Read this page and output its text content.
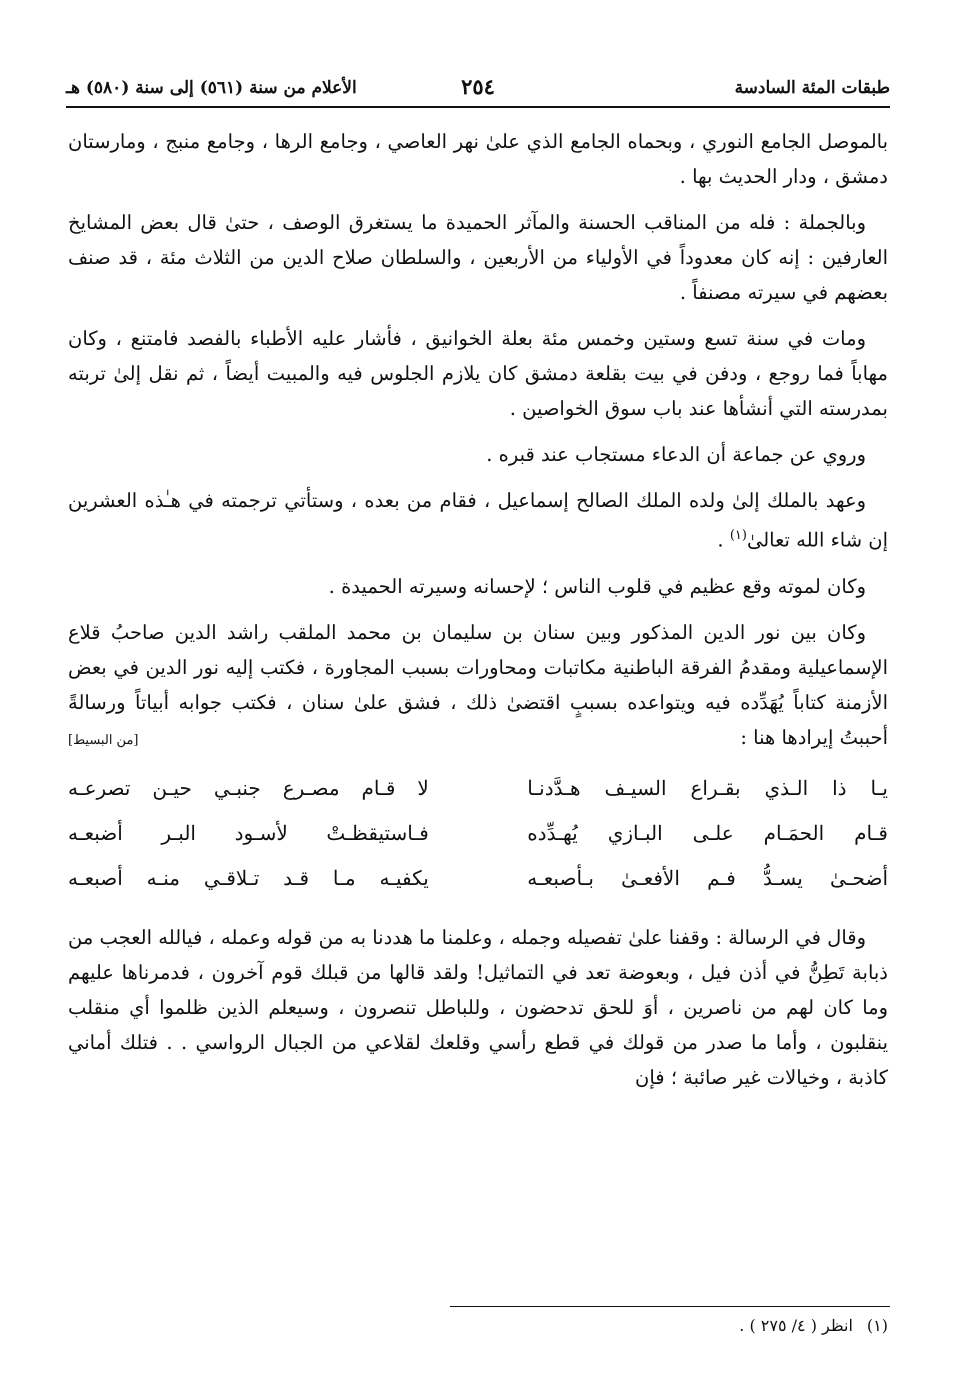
طبقات المئة السادسة
٢٥٤
الأعلام من سنة (٥٦١) إلى سنة (٥٨٠) هـ

بالموصل الجامع النوري ، وبحماه الجامع الذي علىٰ نهر العاصي ، وجامع الرها ، وجامع منبج ، ومارستان دمشق ، ودار الحديث بها .

وبالجملة : فله من المناقب الحسنة والمآثر الحميدة ما يستغرق الوصف ، حتىٰ قال بعض المشايخ العارفين : إنه كان معدوداً في الأولياء من الأربعين ، والسلطان صلاح الدين من الثلاث مئة ، قد صنف بعضهم في سيرته مصنفاً .

ومات في سنة تسع وستين وخمس مئة بعلة الخوانيق ، فأشار عليه الأطباء بالفصد فامتنع ، وكان مهاباً فما روجع ، ودفن في بيت بقلعة دمشق كان يلازم الجلوس فيه والمبيت أيضاً ، ثم نقل إلىٰ تربته بمدرسته التي أنشأها عند باب سوق الخواصين .

وروي عن جماعة أن الدعاء مستجاب عند قبره .

وعهد بالملك إلىٰ ولده الملك الصالح إسماعيل ، فقام من بعده ، وستأتي ترجمته في هـٰذه العشرين إن شاء الله تعالىٰ$^{(١)}$ .

وكان لموته وقع عظيم في قلوب الناس ؛ لإحسانه وسيرته الحميدة .

وكان بين نور الدين المذكور وبين سنان بن سليمان بن محمد الملقب راشد الدين صاحبُ قلاع الإسماعيلية ومقدمُ الفرقة الباطنية مكاتبات ومحاورات بسبب المجاورة ، فكتب إليه نور الدين في بعض الأزمنة كتاباً يُهَدِّده فيه ويتواعده بسببٍ اقتضىٰ ذلك ، فشق علىٰ سنان ، فكتب جوابه أبياتاً ورسالةً أحببتُ إيرادها هنا :
[من البسيط]

يـا ذا الـذي بقـراع السيـف هـدَّدنـا
لا قـام مصـرع جنبـي حيـن تصرعـه
قـام الحمَـام علـى البـازي يُهـدِّده
فـاستيقظـتْ لأسـود البـر أضبعـه
أضحـىٰ يسـدُّ فـم الأفعـىٰ بـأصبعـه
يكفيـه مـا قـد تـلاقـي منـه أصبعـه

وقال في الرسالة : وقفنا علىٰ تفصيله وجمله ، وعلمنا ما هددنا به من قوله وعمله ، فيالله العجب من ذبابة تَطِنُّ في أذن فيل ، وبعوضة تعد في التماثيل! ولقد قالها من قبلك قوم آخرون ، فدمرناها عليهم وما كان لهم من ناصرين ، أوَ للحق تدحضون ، وللباطل تنصرون ، وسيعلم الذين ظلموا أي منقلب ينقلبون ، وأما ما صدر من قولك في قطع رأسي وقلعك لقلاعي من الجبال الرواسي . . فتلك أماني كاذبة ، وخيالات غير صائبة ؛ فإن

(١)انظر ( ٤/ ٢٧٥ ) .
